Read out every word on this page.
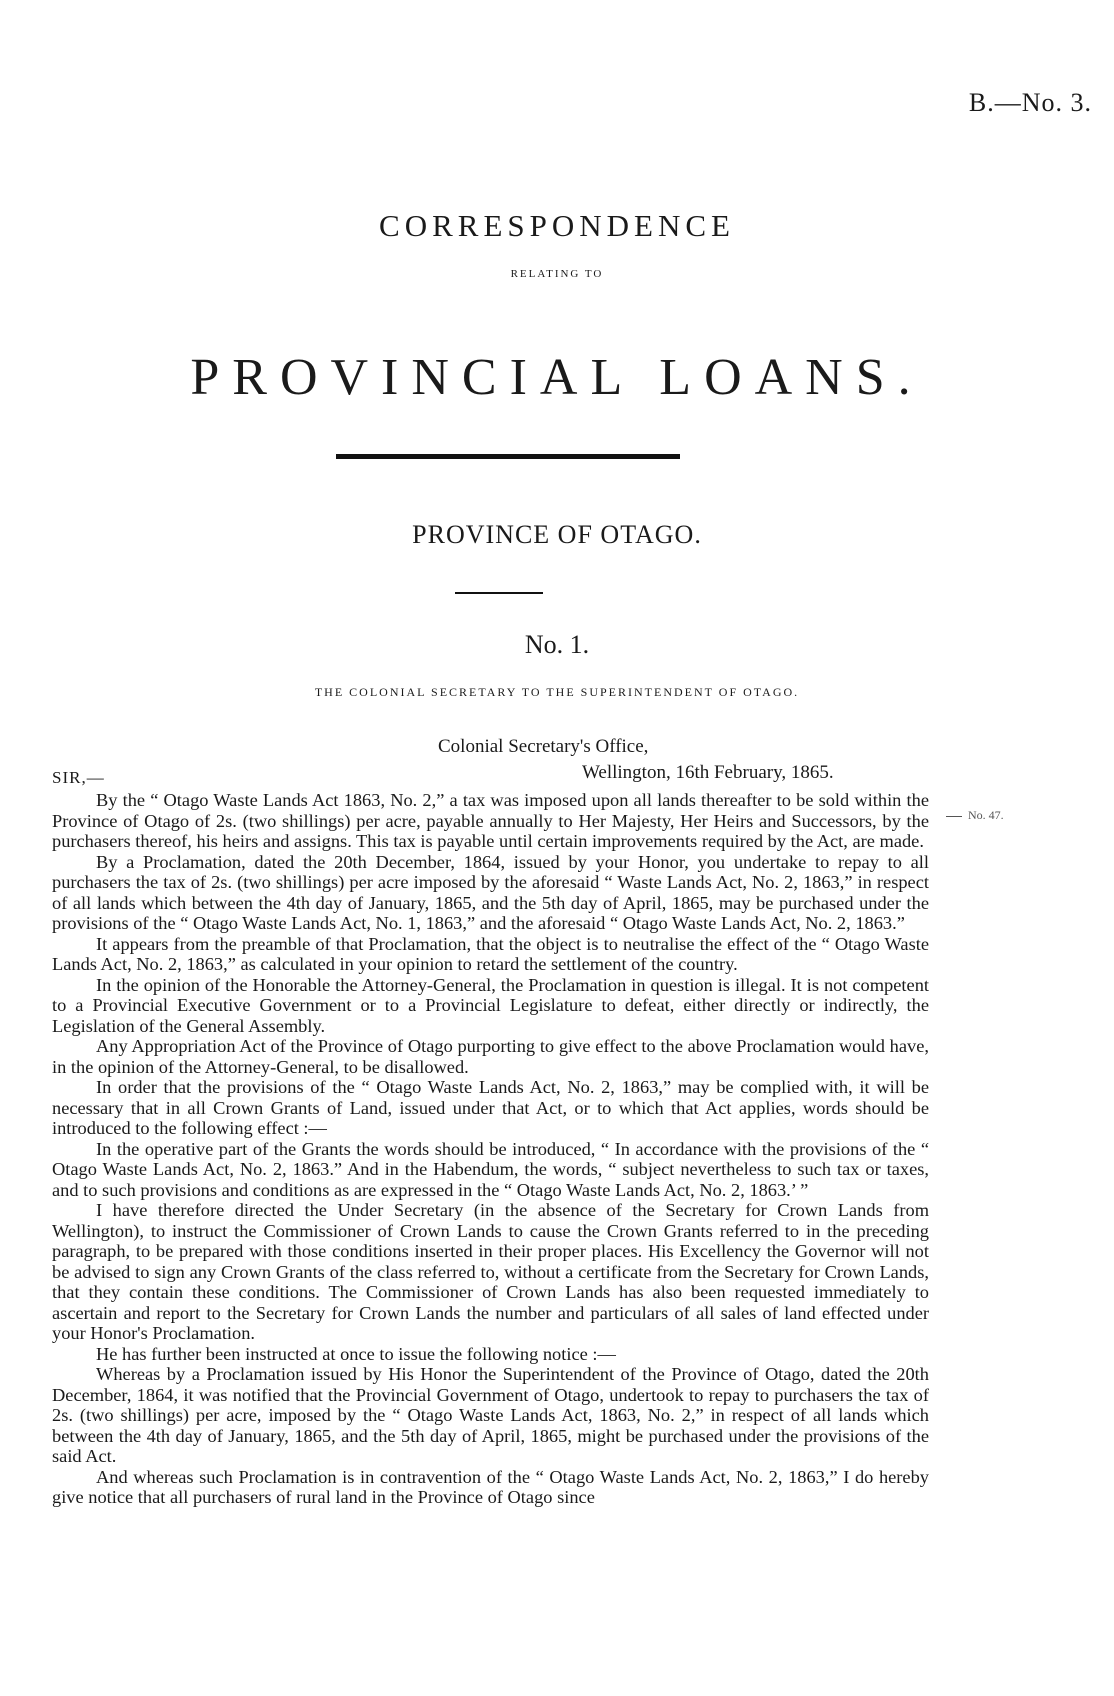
B.—No. 3.
CORRESPONDENCE
RELATING TO
PROVINCIAL LOANS.
PROVINCE OF OTAGO.
No. 1.
THE COLONIAL SECRETARY TO THE SUPERINTENDENT OF OTAGO.
Colonial Secretary's Office,
Wellington, 16th February, 1865.
SIR,—
No. 47.

By the “ Otago Waste Lands Act 1863, No. 2,” a tax was imposed upon all lands thereafter to be sold within the Province of Otago of 2s. (two shillings) per acre, payable annually to Her Majesty, Her Heirs and Successors, by the purchasers thereof, his heirs and assigns. This tax is payable until certain improvements required by the Act, are made.

By a Proclamation, dated the 20th December, 1864, issued by your Honor, you undertake to repay to all purchasers the tax of 2s. (two shillings) per acre imposed by the aforesaid “ Waste Lands Act, No. 2, 1863,” in respect of all lands which between the 4th day of January, 1865, and the 5th day of April, 1865, may be purchased under the provisions of the “ Otago Waste Lands Act, No. 1, 1863,” and the aforesaid “ Otago Waste Lands Act, No. 2, 1863.”

It appears from the preamble of that Proclamation, that the object is to neutralise the effect of the “ Otago Waste Lands Act, No. 2, 1863,” as calculated in your opinion to retard the settlement of the country.

In the opinion of the Honorable the Attorney-General, the Proclamation in question is illegal. It is not competent to a Provincial Executive Government or to a Provincial Legislature to defeat, either directly or indirectly, the Legislation of the General Assembly.

Any Appropriation Act of the Province of Otago purporting to give effect to the above Proclamation would have, in the opinion of the Attorney-General, to be disallowed.

In order that the provisions of the “ Otago Waste Lands Act, No. 2, 1863,” may be complied with, it will be necessary that in all Crown Grants of Land, issued under that Act, or to which that Act applies, words should be introduced to the following effect :—

In the operative part of the Grants the words should be introduced, “ In accordance with the provisions of the “ Otago Waste Lands Act, No. 2, 1863.” And in the Habendum, the words, “ subject nevertheless to such tax or taxes, and to such provisions and conditions as are expressed in the “ Otago Waste Lands Act, No. 2, 1863.’ ”

I have therefore directed the Under Secretary (in the absence of the Secretary for Crown Lands from Wellington), to instruct the Commissioner of Crown Lands to cause the Crown Grants referred to in the preceding paragraph, to be prepared with those conditions inserted in their proper places. His Excellency the Governor will not be advised to sign any Crown Grants of the class referred to, without a certificate from the Secretary for Crown Lands, that they contain these conditions. The Commissioner of Crown Lands has also been requested immediately to ascertain and report to the Secretary for Crown Lands the number and particulars of all sales of land effected under your Honor's Proclamation.

He has further been instructed at once to issue the following notice :—

Whereas by a Proclamation issued by His Honor the Superintendent of the Province of Otago, dated the 20th December, 1864, it was notified that the Provincial Government of Otago, undertook to repay to purchasers the tax of 2s. (two shillings) per acre, imposed by the “ Otago Waste Lands Act, 1863, No. 2,” in respect of all lands which between the 4th day of January, 1865, and the 5th day of April, 1865, might be purchased under the provisions of the said Act.

And whereas such Proclamation is in contravention of the “ Otago Waste Lands Act, No. 2, 1863,” I do hereby give notice that all purchasers of rural land in the Province of Otago since
